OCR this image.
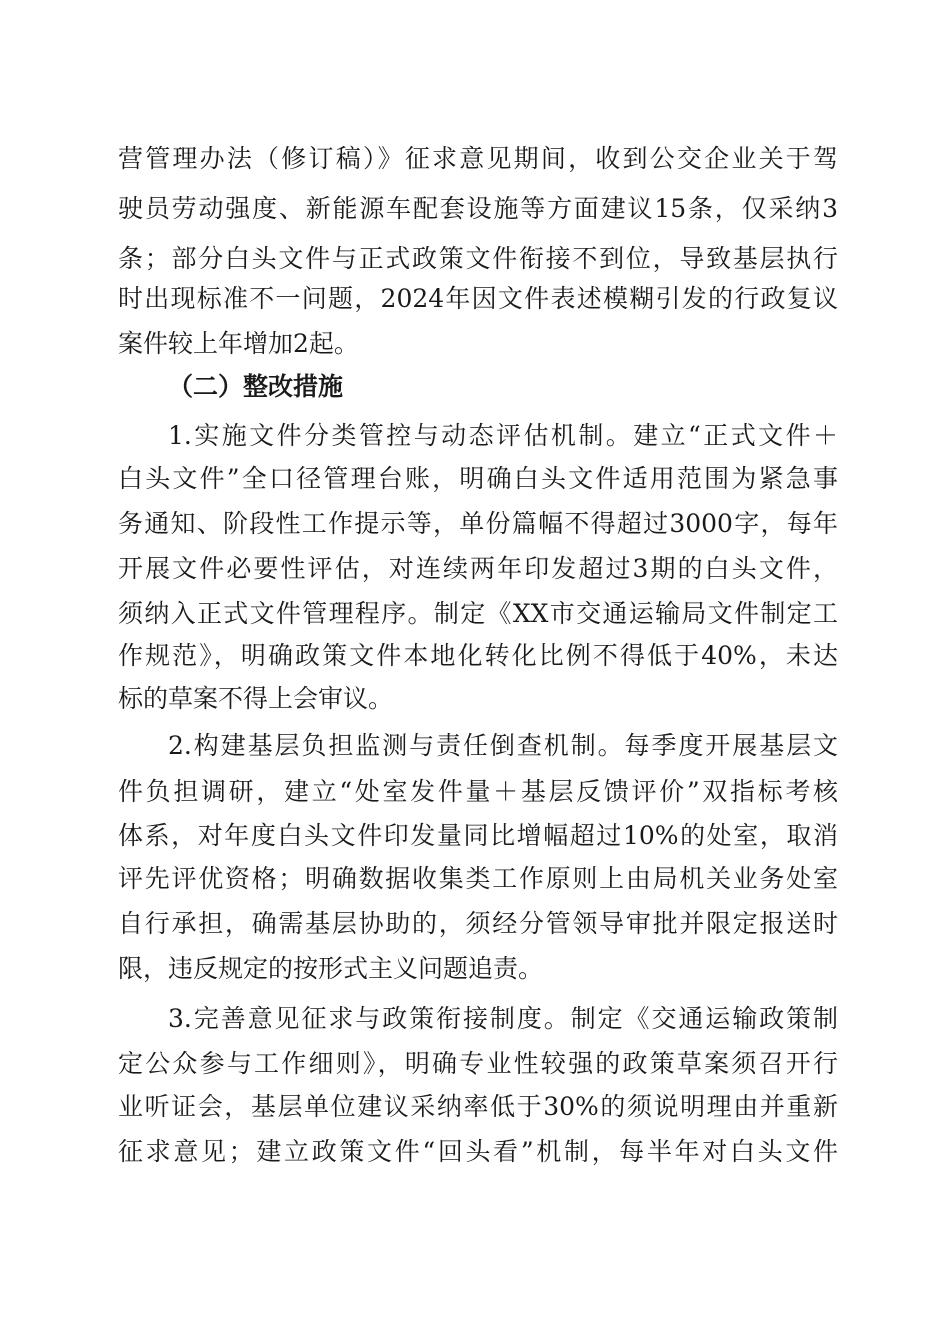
营管理办法（修订稿）》征求意见期间，收到公交企业关于驾
驶员劳动强度、新能源车配套设施等方面建议15条，仅采纳3
条；部分白头文件与正式政策文件衔接不到位，导致基层执行
时出现标准不一问题，2024年因文件表述模糊引发的行政复议
案件较上年增加2起。
（二）整改措施
1.实施文件分类管控与动态评估机制。建立“正式文件＋
白头文件”全口径管理台账，明确白头文件适用范围为紧急事
务通知、阶段性工作提示等，单份篇幅不得超过3000字，每年
开展文件必要性评估，对连续两年印发超过3期的白头文件，
须纳入正式文件管理程序。制定《XX市交通运输局文件制定工
作规范》，明确政策文件本地化转化比例不得低于40%，未达
标的草案不得上会审议。
2.构建基层负担监测与责任倒查机制。每季度开展基层文
件负担调研，建立“处室发件量＋基层反馈评价”双指标考核
体系，对年度白头文件印发量同比增幅超过10%的处室，取消
评先评优资格；明确数据收集类工作原则上由局机关业务处室
自行承担，确需基层协助的，须经分管领导审批并限定报送时
限，违反规定的按形式主义问题追责。
3.完善意见征求与政策衔接制度。制定《交通运输政策制
定公众参与工作细则》，明确专业性较强的政策草案须召开行
业听证会，基层单位建议采纳率低于30%的须说明理由并重新
征求意见；建立政策文件“回头看”机制，每半年对白头文件
